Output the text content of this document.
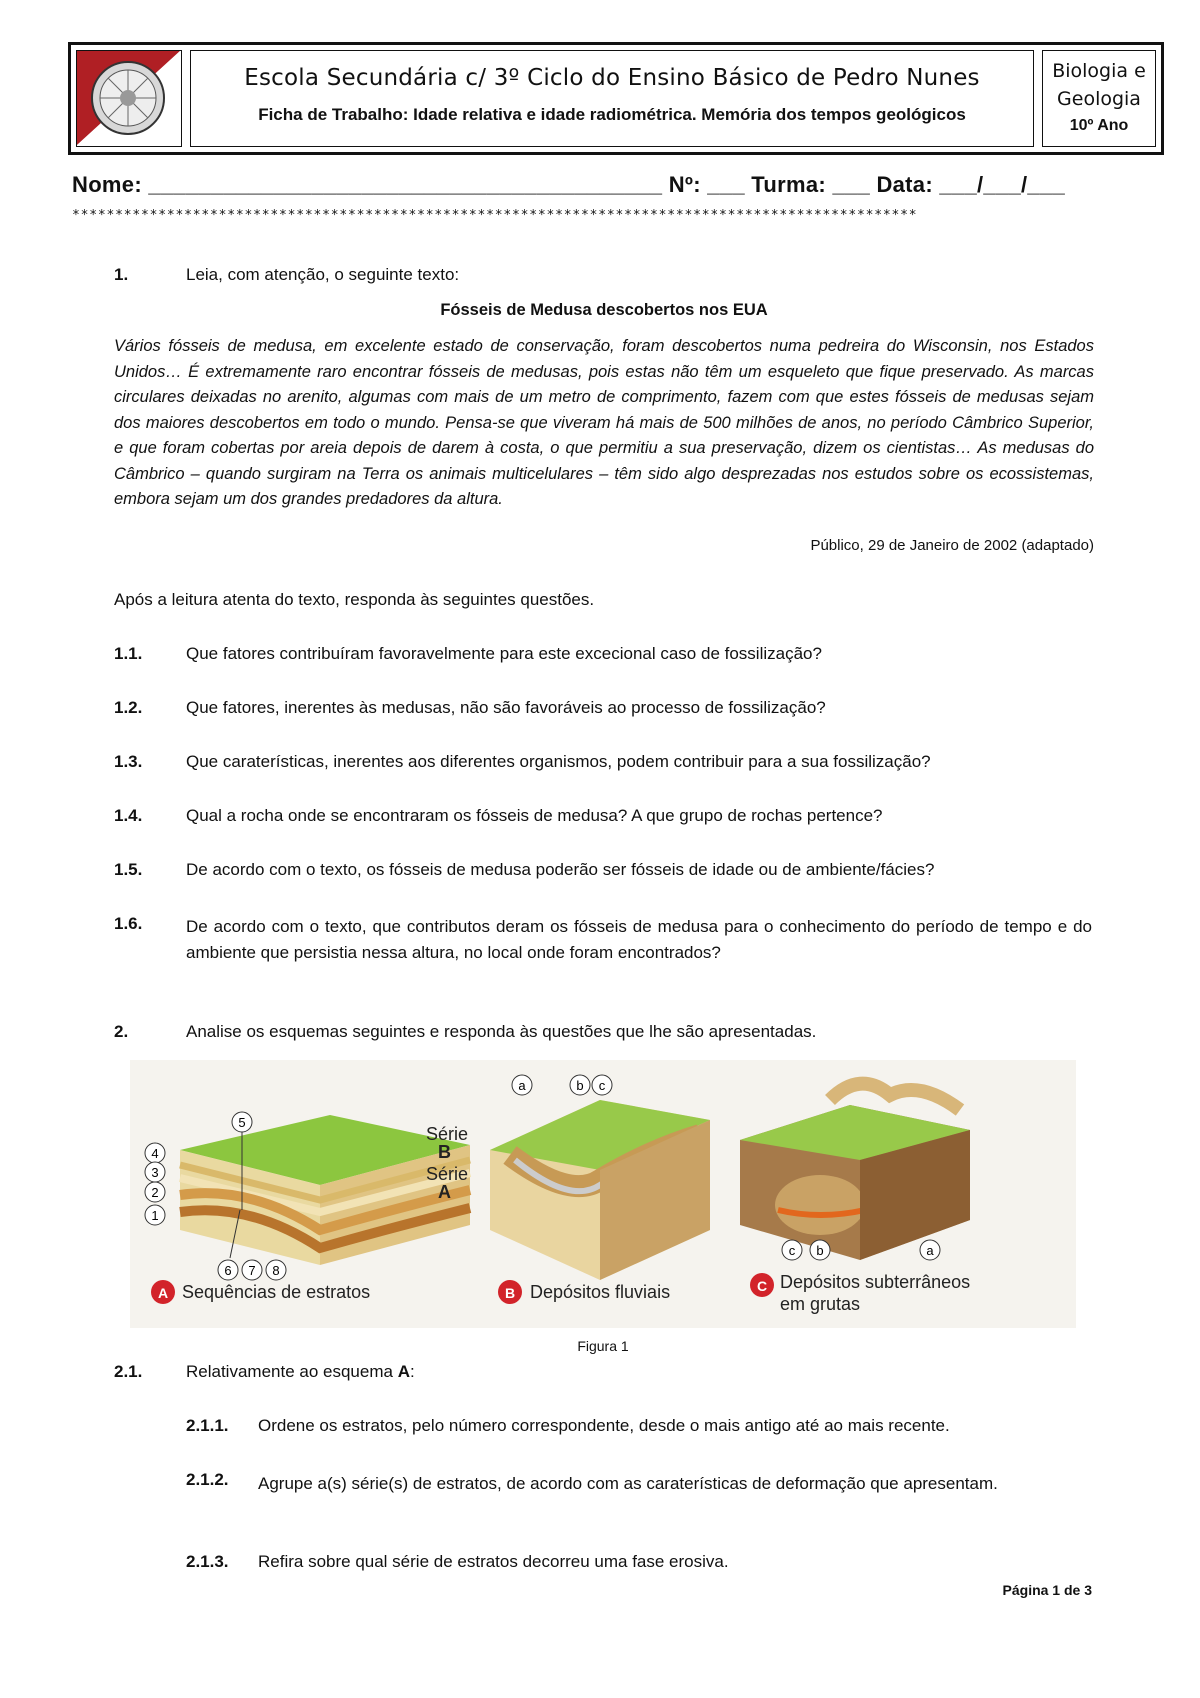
Escola Secundária c/ 3º Ciclo do Ensino Básico de Pedro Nunes
Ficha de Trabalho: Idade relativa e idade radiométrica. Memória dos tempos geológicos
Biologia e
Geologia
10º Ano
Nome: _________________________________________ Nº: ___ Turma: ___ Data: ___/___/___
**************************************************************************************************
1.	Leia, com atenção, o seguinte texto:
Fósseis de Medusa descobertos nos EUA
Vários fósseis de medusa, em excelente estado de conservação, foram descobertos numa pedreira do Wisconsin, nos Estados Unidos… É extremamente raro encontrar fósseis de medusas, pois estas não têm um esqueleto que fique preservado. As marcas circulares deixadas no arenito, algumas com mais de um metro de comprimento, fazem com que estes fósseis de medusas sejam dos maiores descobertos em todo o mundo. Pensa-se que viveram há mais de 500 milhões de anos, no período Câmbrico Superior, e que foram cobertas por areia depois de darem à costa, o que permitiu a sua preservação, dizem os cientistas… As medusas do Câmbrico – quando surgiram na Terra os animais multicelulares – têm sido algo desprezadas nos estudos sobre os ecossistemas, embora sejam um dos grandes predadores da altura.
Público, 29 de Janeiro de 2002 (adaptado)
Após a leitura atenta do texto, responda às seguintes questões.
1.1.	Que fatores contribuíram favoravelmente para este excecional caso de fossilização?
1.2.	Que fatores, inerentes às medusas, não são favoráveis ao processo de fossilização?
1.3.	Que caraterísticas, inerentes aos diferentes organismos, podem contribuir para a sua fossilização?
1.4.	Qual a rocha onde se encontraram os fósseis de medusa? A que grupo de rochas pertence?
1.5.	De acordo com o texto, os fósseis de medusa poderão ser fósseis de idade ou de ambiente/fácies?
1.6.	De acordo com o texto, que contributos deram os fósseis de medusa para o conhecimento do período de tempo e do ambiente que persistia nessa altura, no local onde foram encontrados?
2.	Analise os esquemas seguintes e responda às questões que lhe são apresentadas.
4
3
2
1
5
6 7 8
Série
B
Série
A
a	b c
c b	a
A Sequências de estratos	B Depósitos fluviais	C Depósitos subterrâneos
em grutas
Figura 1
2.1.	Relativamente ao esquema A:
2.1.1. Ordene os estratos, pelo número correspondente, desde o mais antigo até ao mais recente.
2.1.2. Agrupe a(s) série(s) de estratos, de acordo com as caraterísticas de deformação que apresentam.
2.1.3. Refira sobre qual série de estratos decorreu uma fase erosiva.
Página 1 de 3
